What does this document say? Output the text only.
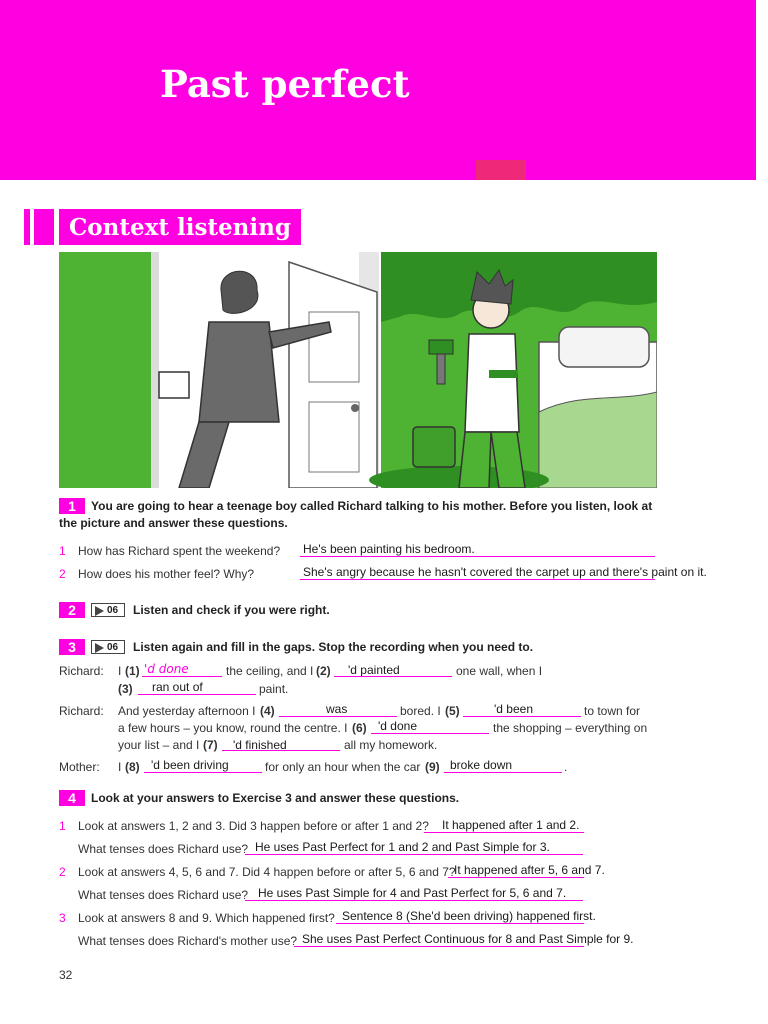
Past perfect
Context listening
1 You are going to hear a teenage boy called Richard talking to his mother. Before you listen, look at the picture and answer these questions.
1 How has Richard spent the weekend? He's been painting his bedroom.
2 How does his mother feel? Why?	She's angry because he hasn't covered the carpet up and there's paint on it.
2	06 Listen and check if you were right.
3	06 Listen again and fill in the gaps. Stop the recording when you need to.
Richard: I (1) 'd done	the ceiling, and I (2) 'd painted	one wall, when I
(3) ran out of	paint.
Richard: And yesterday afternoon I (4)	was	bored. I (5)	'd been	to town for
a few hours – you know, round the centre. I (6) 'd done	the shopping – everything on
your list – and I (7) 'd finished	all my homework.
Mother: I (8) 'd been driving	for only an hour when the car (9) broke down	.
4 Look at your answers to Exercise 3 and answer these questions.
1 Look at answers 1, 2 and 3. Did 3 happen before or after 1 and 2? It happened after 1 and 2.
What tenses does Richard use? He uses Past Perfect for 1 and 2 and Past Simple for 3.
2 Look at answers 4, 5, 6 and 7. Did 4 happen before or after 5, 6 and 7?
It happened after 5, 6 and 7.
What tenses does Richard use? He uses Past Simple for 4 and Past Perfect for 5, 6 and 7.
3 Look at answers 8 and 9. Which happened first? Sentence 8 (She'd been driving) happened first.
What tenses does Richard's mother use? She uses Past Perfect Continuous for 8 and Past Simple for 9.
32
